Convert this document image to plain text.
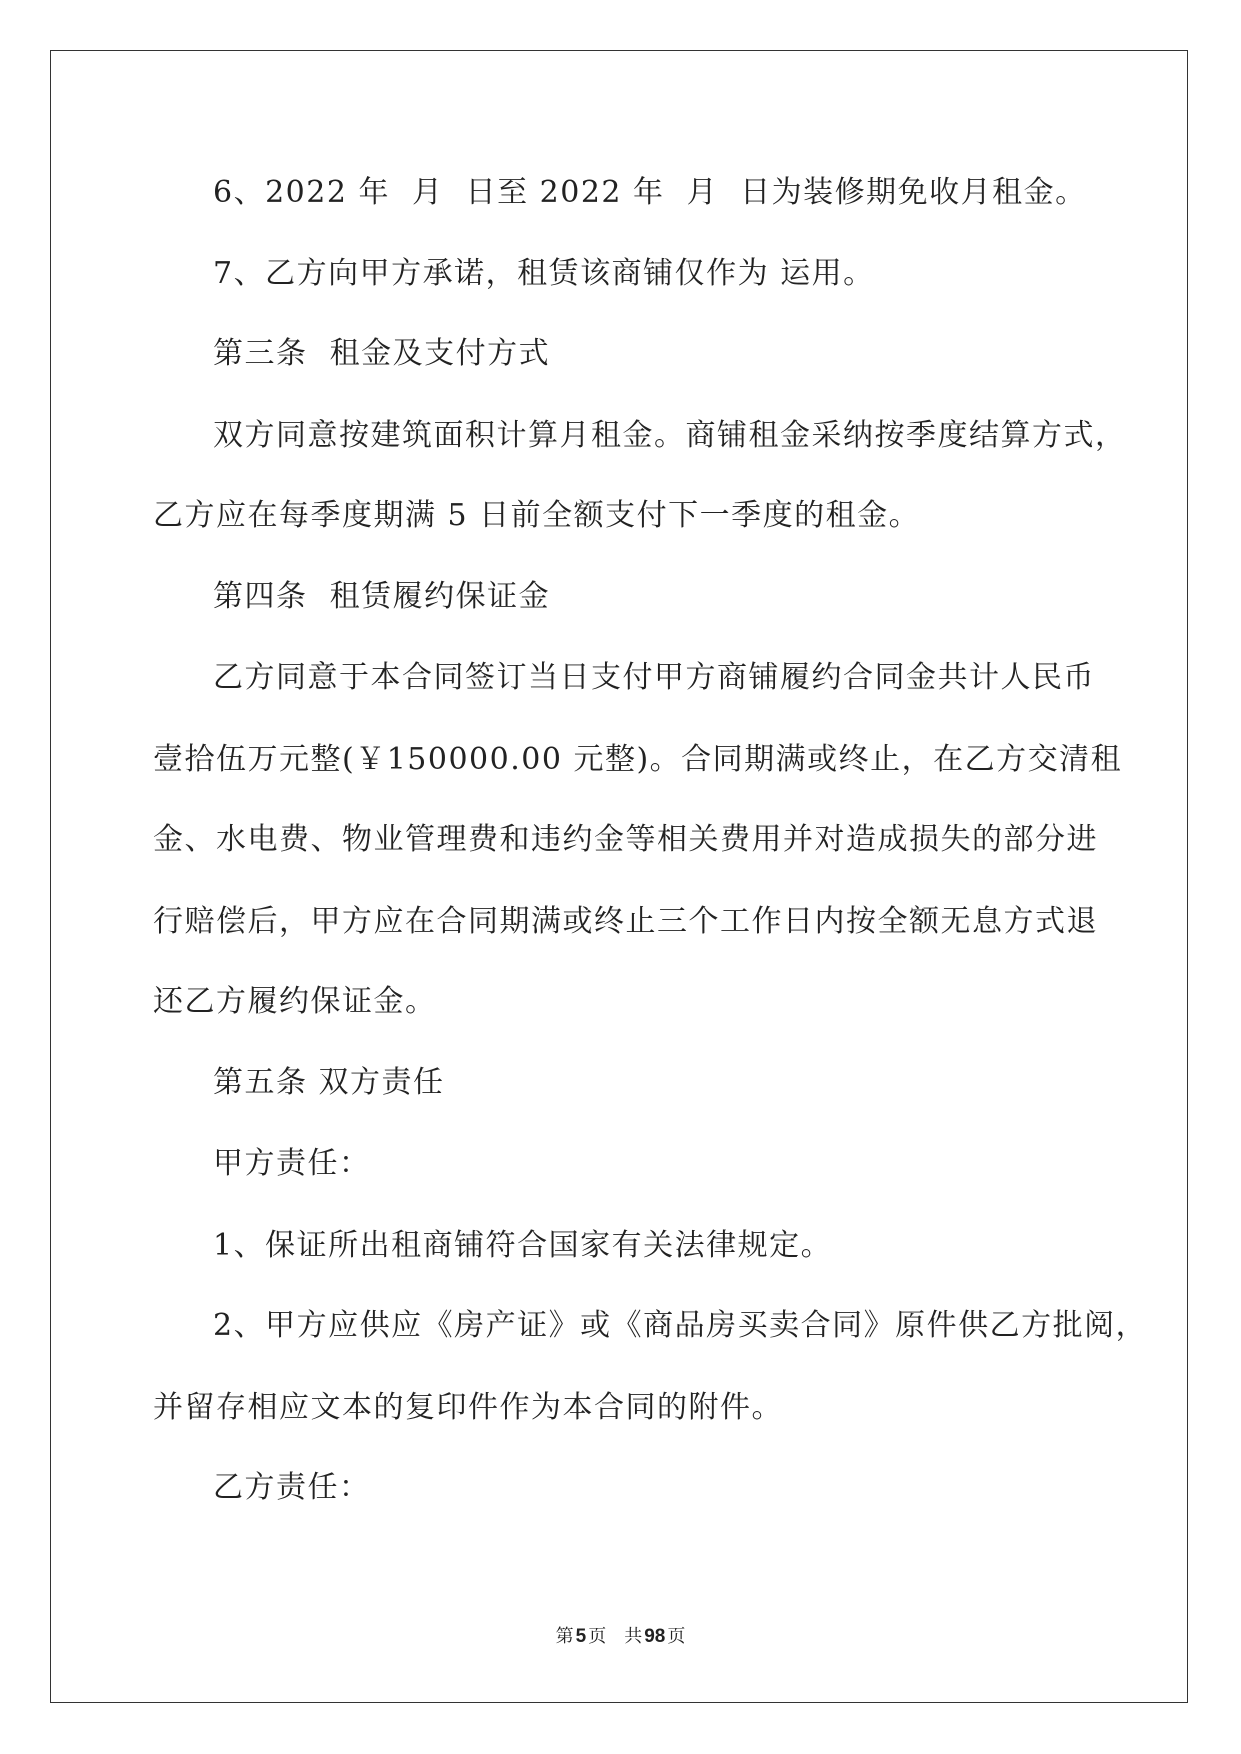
6、2022 年  月  日至 2022 年  月  日为装修期免收月租金。
7、乙方向甲方承诺，租赁该商铺仅作为 运用。
第三条  租金及支付方式
双方同意按建筑面积计算月租金。商铺租金采纳按季度结算方式，
乙方应在每季度期满 5 日前全额支付下一季度的租金。
第四条  租赁履约保证金
乙方同意于本合同签订当日支付甲方商铺履约合同金共计人民币
壹拾伍万元整(￥150000.00 元整)。合同期满或终止，在乙方交清租
金、水电费、物业管理费和违约金等相关费用并对造成损失的部分进
行赔偿后，甲方应在合同期满或终止三个工作日内按全额无息方式退
还乙方履约保证金。
第五条 双方责任
甲方责任：
1、保证所出租商铺符合国家有关法律规定。
2、甲方应供应《房产证》或《商品房买卖合同》原件供乙方批阅，
并留存相应文本的复印件作为本合同的附件。
乙方责任：
第 5 页 共 98 页
